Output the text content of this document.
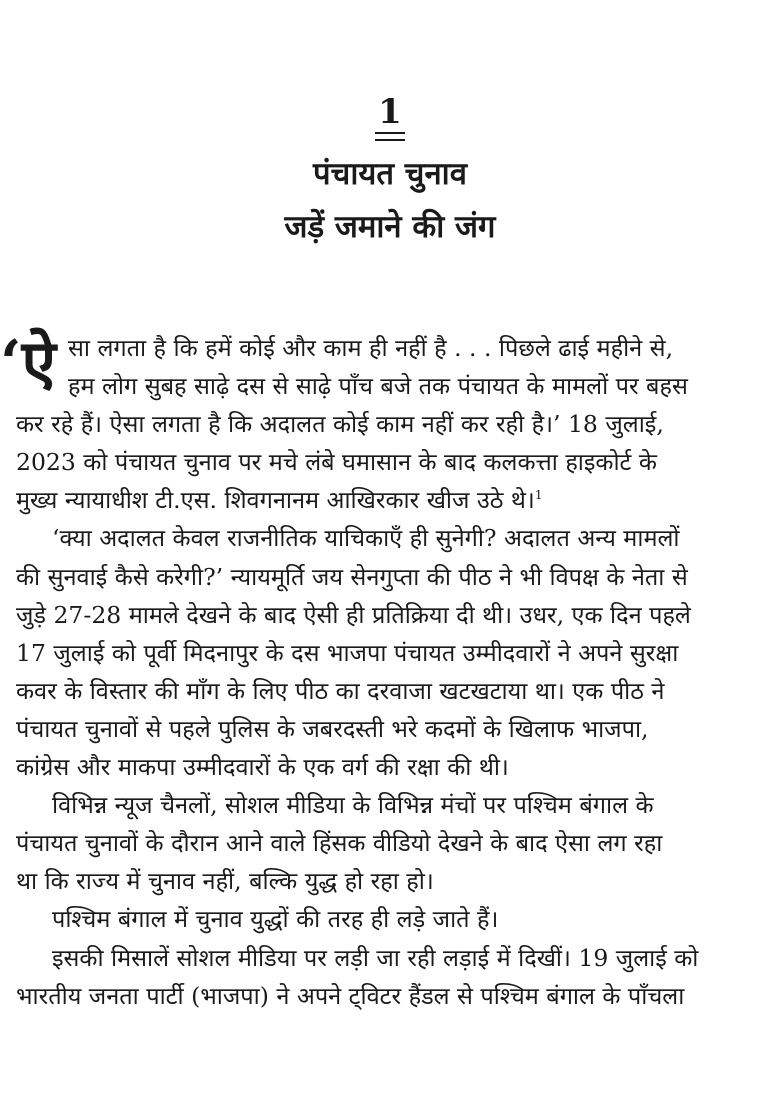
1
पंचायत चुनाव
जड़ें जमाने की जंग
‘ऐ सा लगता है कि हमें कोई और काम ही नहीं है . . . पिछले ढाई महीने से,
हम लोग सुबह साढ़े दस से साढ़े पाँच बजे तक पंचायत के मामलों पर बहस
कर रहे हैं। ऐसा लगता है कि अदालत कोई काम नहीं कर रही है।’ 18 जुलाई,
2023 को पंचायत चुनाव पर मचे लंबे घमासान के बाद कलकत्ता हाइकोर्ट के
मुख्य न्यायाधीश टी.एस. शिवगनानम आखिरकार खीज उठे थे।$^1$
‘क्या अदालत केवल राजनीतिक याचिकाएँ ही सुनेगी? अदालत अन्य मामलों
की सुनवाई कैसे करेगी?’ न्यायमूर्ति जय सेनगुप्ता की पीठ ने भी विपक्ष के नेता से
जुड़े 27-28 मामले देखने के बाद ऐसी ही प्रतिक्रिया दी थी। उधर, एक दिन पहले
17 जुलाई को पूर्वी मिदनापुर के दस भाजपा पंचायत उम्मीदवारों ने अपने सुरक्षा
कवर के विस्तार की माँग के लिए पीठ का दरवाजा खटखटाया था। एक पीठ ने
पंचायत चुनावों से पहले पुलिस के जबरदस्ती भरे कदमों के खिलाफ भाजपा,
कांग्रेस और माकपा उम्मीदवारों के एक वर्ग की रक्षा की थी।
विभिन्न न्यूज चैनलों, सोशल मीडिया के विभिन्न मंचों पर पश्चिम बंगाल के
पंचायत चुनावों के दौरान आने वाले हिंसक वीडियो देखने के बाद ऐसा लग रहा
था कि राज्य में चुनाव नहीं, बल्कि युद्ध हो रहा हो।
पश्चिम बंगाल में चुनाव युद्धों की तरह ही लड़े जाते हैं।
इसकी मिसालें सोशल मीडिया पर लड़ी जा रही लड़ाई में दिखीं। 19 जुलाई को
भारतीय जनता पार्टी (भाजपा) ने अपने ट्विटर हैंडल से पश्चिम बंगाल के पाँचला
